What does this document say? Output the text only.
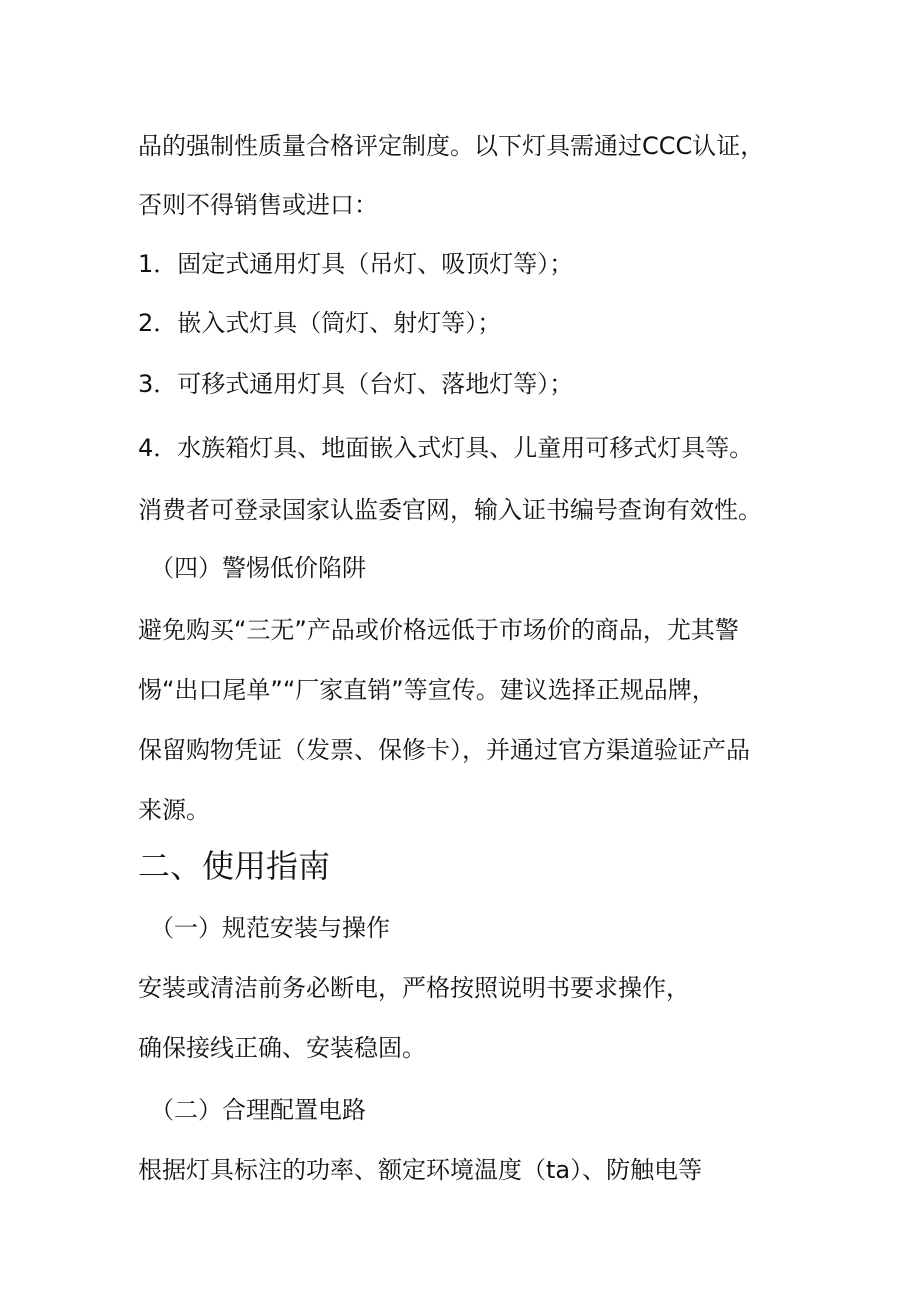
品的强制性质量合格评定制度。以下灯具需通过CCC认证，
否则不得销售或进口：
1．固定式通用灯具（吊灯、吸顶灯等）；
2．嵌入式灯具（筒灯、射灯等）；
3．可移式通用灯具（台灯、落地灯等）；
4．水族箱灯具、地面嵌入式灯具、儿童用可移式灯具等。
消费者可登录国家认监委官网，输入证书编号查询有效性。
（四）警惕低价陷阱
避免购买“三无”产品或价格远低于市场价的商品，尤其警
惕“出口尾单”“厂家直销”等宣传。建议选择正规品牌，
保留购物凭证（发票、保修卡），并通过官方渠道验证产品
来源。
二、使用指南
（一）规范安装与操作
安装或清洁前务必断电，严格按照说明书要求操作，
确保接线正确、安装稳固。
（二）合理配置电路
根据灯具标注的功率、额定环境温度（ta）、防触电等
